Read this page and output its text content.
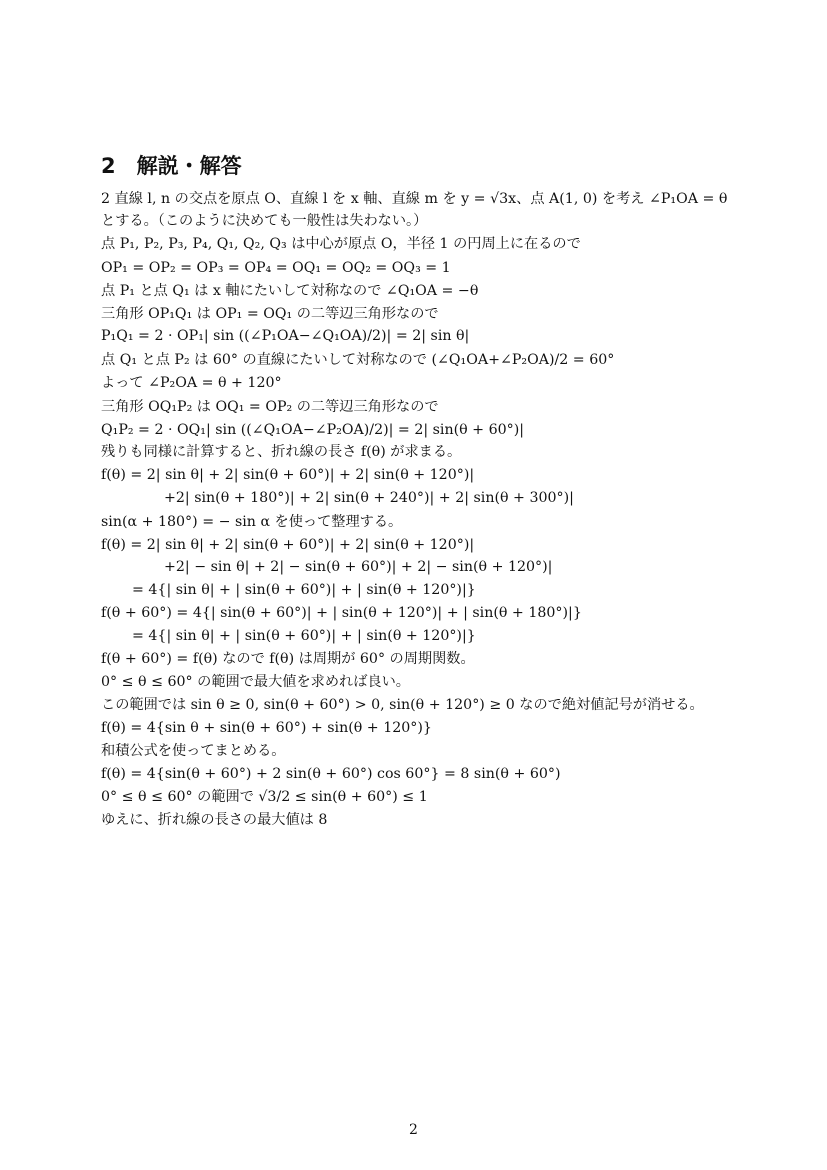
2　解説・解答
2 直線 l, n の交点を原点 O、直線 l を x 軸、直線 m を y = √3x、点 A(1, 0) を考え ∠P₁OA = θ
とする。（このように決めても一般性は失わない。）
点 P₁, P₂, P₃, P₄, Q₁, Q₂, Q₃ は中心が原点 O，半径 1 の円周上に在るので
OP₁ = OP₂ = OP₃ = OP₄ = OQ₁ = OQ₂ = OQ₃ = 1
点 P₁ と点 Q₁ は x 軸にたいして対称なので ∠Q₁OA = −θ
三角形 OP₁Q₁ は OP₁ = OQ₁ の二等辺三角形なので
P₁Q₁ = 2 · OP₁| sin ((∠P₁OA−∠Q₁OA)/2)| = 2| sin θ|
点 Q₁ と点 P₂ は 60° の直線にたいして対称なので (∠Q₁OA+∠P₂OA)/2 = 60°
よって ∠P₂OA = θ + 120°
三角形 OQ₁P₂ は OQ₁ = OP₂ の二等辺三角形なので
Q₁P₂ = 2 · OQ₁| sin ((∠Q₁OA−∠P₂OA)/2)| = 2| sin(θ + 60°)|
残りも同様に計算すると、折れ線の長さ f(θ) が求まる。
f(θ) = 2| sin θ| + 2| sin(θ + 60°)| + 2| sin(θ + 120°)|
+2| sin(θ + 180°)| + 2| sin(θ + 240°)| + 2| sin(θ + 300°)|
sin(α + 180°) = − sin α を使って整理する。
f(θ) = 2| sin θ| + 2| sin(θ + 60°)| + 2| sin(θ + 120°)|
+2| − sin θ| + 2| − sin(θ + 60°)| + 2| − sin(θ + 120°)|
= 4{| sin θ| + | sin(θ + 60°)| + | sin(θ + 120°)|}
f(θ + 60°) = 4{| sin(θ + 60°)| + | sin(θ + 120°)| + | sin(θ + 180°)|}
= 4{| sin θ| + | sin(θ + 60°)| + | sin(θ + 120°)|}
f(θ + 60°) = f(θ) なので f(θ) は周期が 60° の周期関数。
0° ≤ θ ≤ 60° の範囲で最大値を求めれば良い。
この範囲では sin θ ≥ 0, sin(θ + 60°) > 0, sin(θ + 120°) ≥ 0 なので絶対値記号が消せる。
f(θ) = 4{sin θ + sin(θ + 60°) + sin(θ + 120°)}
和積公式を使ってまとめる。
f(θ) = 4{sin(θ + 60°) + 2 sin(θ + 60°) cos 60°} = 8 sin(θ + 60°)
0° ≤ θ ≤ 60° の範囲で √3/2 ≤ sin(θ + 60°) ≤ 1
ゆえに、折れ線の長さの最大値は 8
2
